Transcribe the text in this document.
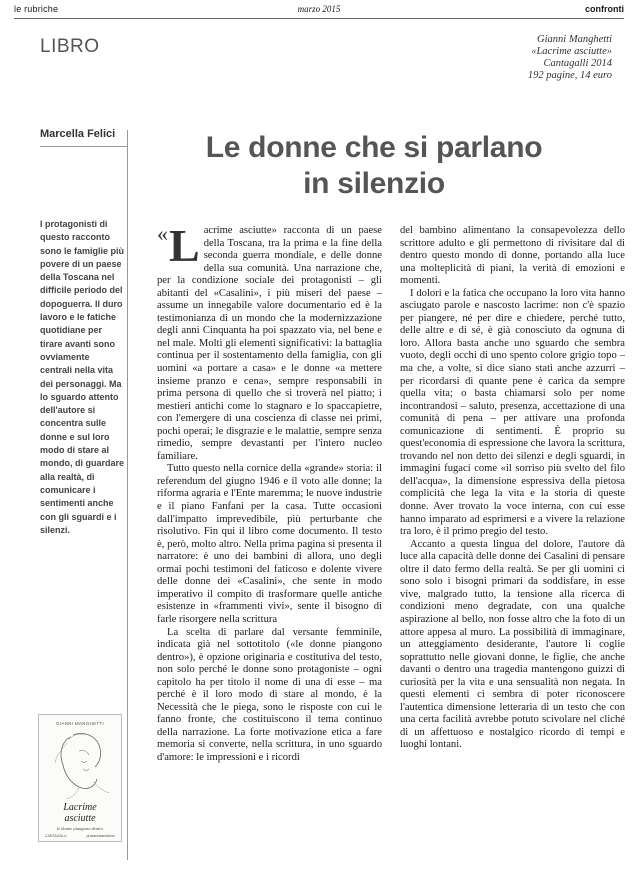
le rubriche	marzo 2015	confronti
LIBRO	Gianni Manghetti
«Lacrime asciutte»
Cantagalli 2014
192 pagine, 14 euro
Marcella Felici	Le donne che si parlano
in silenzio
I protagonisti di questo racconto sono le famiglie più povere di un paese della Toscana nel difficile periodo del dopoguerra. Il duro lavoro e le fatiche quotidiane per tirare avanti sono ovviamente centrali nella vita dei personaggi. Ma lo sguardo attento dell'autore si concentra sulle donne e sul loro modo di stare al mondo, di guardare alla realtà, di comunicare i sentimenti anche con gli sguardi e i silenzi.
GIANNI MANGHETTI
Lacrime
asciutte
le donne piangono dentro
CANTAGALLI	prosarestaedizioni

« L acrime asciutte» racconta di un paese della Toscana, tra la prima e la fine della seconda guerra mondiale, e delle donne della sua comunità. Una narrazione che, per la condizione sociale dei protagonisti – gli abitanti del «Casalini», i più miseri del paese – assume un innegabile valore documentario ed è la testimonianza di un mondo che la modernizzazione degli anni Cinquanta ha poi spazzato via, nel bene e nel male. Molti gli elementi significativi: la battaglia continua per il sostentamento della famiglia, con gli uomini «a portare a casa» e le donne «a mettere insieme pranzo e cena», sempre responsabili in prima persona di quello che si troverà nel piatto; i mestieri antichi come lo stagnaro e lo spaccapietre, con l'emergere di una coscienza di classe nei primi, pochi operai; le disgrazie e le malattie, sempre senza rimedio, sempre devastanti per l'intero nucleo familiare.

Tutto questo nella cornice della «grande» storia: il referendum del giugno 1946 e il voto alle donne; la riforma agraria e l'Ente maremma; le nuove industrie e il piano Fanfani per la casa. Tutte occasioni dall'impatto imprevedibile, più perturbante che risolutivo. Fin qui il libro come documento. Il testo è, però, molto altro. Nella prima pagina si presenta il narratore: è uno dei bambini di allora, uno degli ormai pochi testimoni del faticoso e dolente vivere delle donne dei «Casalini», che sente in modo imperativo il compito di trasformare quelle antiche esistenze in «frammenti vivi», sente il bisogno di farle risorgere nella scrittura

La scelta di parlare dal versante femminile, indicata già nel sottotitolo («le donne piangono dentro»), è opzione originaria e costitutiva del testo, non solo perché le donne sono protagoniste – ogni capitolo ha per titolo il nome di una di esse – ma perché è il loro modo di stare al mondo, è la Necessità che le piega, sono le risposte con cui le fanno fronte, che costituiscono il tema continuo della narrazione. La forte motivazione etica a fare memoria si converte, nella scrittura, in uno sguardo d'amore: le impressioni e i ricordi

del bambino alimentano la consapevolezza dello scrittore adulto e gli permettono di rivisitare dal di dentro questo mondo di donne, portando alla luce una molteplicità di piani, la verità di emozioni e momenti.

I dolori e la fatica che occupano la loro vita hanno asciugato parole e nascosto lacrime: non c'è spazio per piangere, né per dire e chiedere, perché tutto, delle altre e di sé, è già conosciuto da ognuna di loro. Allora basta anche uno sguardo che sembra vuoto, degli occhi di uno spento colore grigio topo – ma che, a volte, si dice siano stati anche azzurri – per ricordarsi di quante pene è carica da sempre quella vita; o basta chiamarsi solo per nome incontrandosi – saluto, presenza, accettazione di una comunità di pena – per attivare una profonda comunicazione di sentimenti. È proprio su quest'economia di espressione che lavora la scrittura, trovando nel non detto dei silenzi e degli sguardi, in immagini fugaci come «il sorriso più svelto del filo dell'acqua», la dimensione espressiva della pietosa complicità che lega la vita e la storia di queste donne. Aver trovato la voce interna, con cui esse hanno imparato ad esprimersi e a vivere la relazione tra loro, è il primo pregio del testo.

Accanto a questa lingua del dolore, l'autore dà luce alla capacità delle donne dei Casalini di pensare oltre il dato fermo della realtà. Se per gli uomini ci sono solo i bisogni primari da soddisfare, in esse vive, malgrado tutto, la tensione alla ricerca di condizioni meno degradate, con una qualche aspirazione al bello, non fosse altro che la foto di un attore appesa al muro. La possibilità di immaginare, un atteggiamento desiderante, l'autore li coglie soprattutto nelle giovani donne, le figlie, che anche davanti o dentro una tragedia mantengono guizzi di curiosità per la vita e una sensualità non negata. In questi elementi ci sembra di poter riconoscere l'autentica dimensione letteraria di un testo che con una certa facilità avrebbe potuto scivolare nel cliché di un affettuoso e nostalgico ricordo di tempi e luoghi lontani.
